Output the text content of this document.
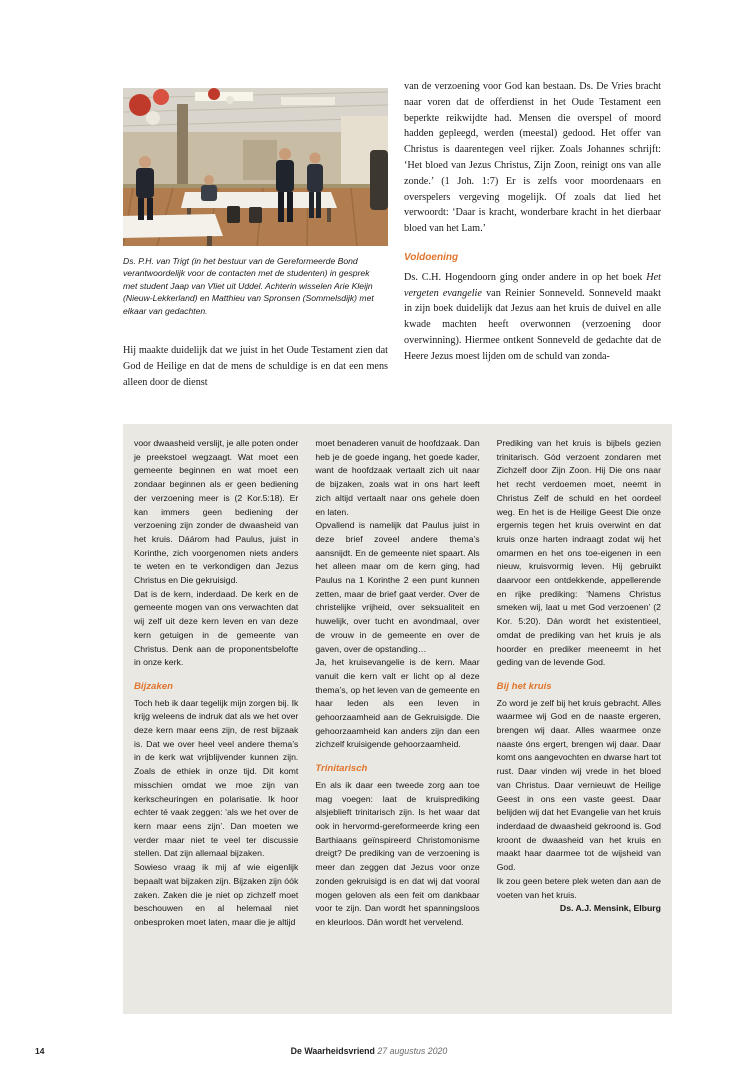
Ds. P.H. van Trigt (in het bestuur van de Gereformeerde Bond verantwoordelijk voor de contacten met de studenten) in gesprek met student Jaap van Vliet uit Uddel. Achterin wisselen Arie Kleijn (Nieuw-Lekkerland) en Matthieu van Spronsen (Sommelsdijk) met elkaar van gedachten.

Hij maakte duidelijk dat we juist in het Oude Testament zien dat God de Heilige en dat de mens de schuldige is en dat een mens alleen door de dienst

van de verzoening voor God kan bestaan. Ds. De Vries bracht naar voren dat de offerdienst in het Oude Testament een beperkte reikwijdte had. Mensen die overspel of moord hadden gepleegd, werden (meestal) gedood. Het offer van Christus is daarentegen veel rijker. Zoals Johannes schrijft: ‘Het bloed van Jezus Christus, Zijn Zoon, reinigt ons van alle zonde.’ (1 Joh. 1:7) Er is zelfs voor moordenaars en overspelers vergeving mogelijk. Of zoals dat lied het verwoordt: ‘Daar is kracht, wonderbare kracht in het dierbaar bloed van het Lam.’

Voldoening

Ds. C.H. Hogendoorn ging onder andere in op het boek Het vergeten evangelie van Reinier Sonneveld. Sonneveld maakt in zijn boek duidelijk dat Jezus aan het kruis de duivel en alle kwade machten heeft overwonnen (verzoening door overwinning). Hiermee ontkent Sonneveld de gedachte dat de Heere Jezus moest lijden om de schuld van zonda-

voor dwaasheid verslijt, je alle poten onder je preekstoel wegzaagt. Wat moet een gemeente beginnen en wat moet een zondaar beginnen als er geen bediening der verzoening meer is (2 Kor.5:18). Er kan immers geen bediening der verzoening zijn zonder de dwaasheid van het kruis. Dáárom had Paulus, juist in Korinthe, zich voorgenomen niets anders te weten en te verkondigen dan Jezus Christus en Die gekruisigd.

Dat is de kern, inderdaad. De kerk en de gemeente mogen van ons verwachten dat wij zelf uit deze kern leven en van deze kern getuigen in de gemeente van Christus. Denk aan de proponentsbelofte in onze kerk.

Bijzaken

Toch heb ik daar tegelijk mijn zorgen bij. Ik krijg weleens de indruk dat als we het over deze kern maar eens zijn, de rest bijzaak is. Dat we over heel veel andere thema’s in de kerk wat vrijblijvender kunnen zijn. Zoals de ethiek in onze tijd. Dit komt misschien omdat we moe zijn van kerkscheuringen en polarisatie. Ik hoor echter té vaak zeggen: ‘als we het over de kern maar eens zijn’. Dan moeten we verder maar niet te veel ter discussie stellen. Dat zijn allemaal bijzaken.

Sowieso vraag ik mij af wie eigenlijk bepaalt wat bijzaken zijn. Bijzaken zijn óók zaken. Zaken die je niet op zichzelf moet beschouwen en al helemaal niet onbesproken moet laten, maar die je altijd

moet benaderen vanuit de hoofdzaak. Dan heb je de goede ingang, het goede kader, want de hoofdzaak vertaalt zich uit naar de bijzaken, zoals wat in ons hart leeft zich altijd vertaalt naar ons gehele doen en laten.

Opvallend is namelijk dat Paulus juist in deze brief zoveel andere thema’s aansnijdt. En de gemeente niet spaart. Als het alleen maar om de kern ging, had Paulus na 1 Korinthe 2 een punt kunnen zetten, maar de brief gaat verder. Over de christelijke vrijheid, over seksualiteit en huwelijk, over tucht en avondmaal, over de vrouw in de gemeente en over de gaven, over de opstanding…

Ja, het kruisevangelie is de kern. Maar vanuit die kern valt er licht op al deze thema’s, op het leven van de gemeente en haar leden als een leven in gehoorzaamheid aan de Gekruisigde. Die gehoorzaamheid kan anders zijn dan een zichzelf kruisigende gehoorzaamheid.

Trinitarisch

En als ik daar een tweede zorg aan toe mag voegen: laat de kruisprediking alsjeblieft trinitarisch zijn. Is het waar dat ook in hervormd-gereformeerde kring een Barthiaans geïnspireerd Christomonisme dreigt? De prediking van de verzoening is meer dan zeggen dat Jezus voor onze zonden gekruisigd is en dat wij dat vooral mogen geloven als een feit om dankbaar voor te zijn. Dan wordt het spanningsloos en kleurloos. Dán wordt het vervelend.

Prediking van het kruis is bijbels gezien trinitarisch. Gód verzoent zondaren met Zichzelf door Zijn Zoon. Hij Die ons naar het recht verdoemen moet, neemt in Christus Zelf de schuld en het oordeel weg. En het is de Heilige Geest Die onze ergernis tegen het kruis overwint en dat kruis onze harten indraagt zodat wij het omarmen en het ons toe-eigenen in een nieuw, kruisvormig leven. Hij gebruikt daarvoor een ontdekkende, appellerende en rijke prediking: ‘Namens Christus smeken wij, laat u met God verzoenen’ (2 Kor. 5:20). Dán wordt het existentieel, omdat de prediking van het kruis je als hoorder en prediker meeneemt in het geding van de levende God.

Bij het kruis

Zo word je zelf bij het kruis gebracht. Alles waarmee wij God en de naaste ergeren, brengen wij daar. Alles waarmee onze naaste óns ergert, brengen wij daar. Daar komt ons aangevochten en dwarse hart tot rust. Daar vinden wij vrede in het bloed van Christus. Daar vernieuwt de Heilige Geest in ons een vaste geest. Daar belijden wij dat het Evangelie van het kruis inderdaad de dwaasheid gekroond is. God kroont de dwaasheid van het kruis en maakt haar daarmee tot de wijsheid van God.

Ik zou geen betere plek weten dan aan de voeten van het kruis.

Ds. A.J. Mensink, Elburg

14	De Waarheidsvriend 27 augustus 2020
